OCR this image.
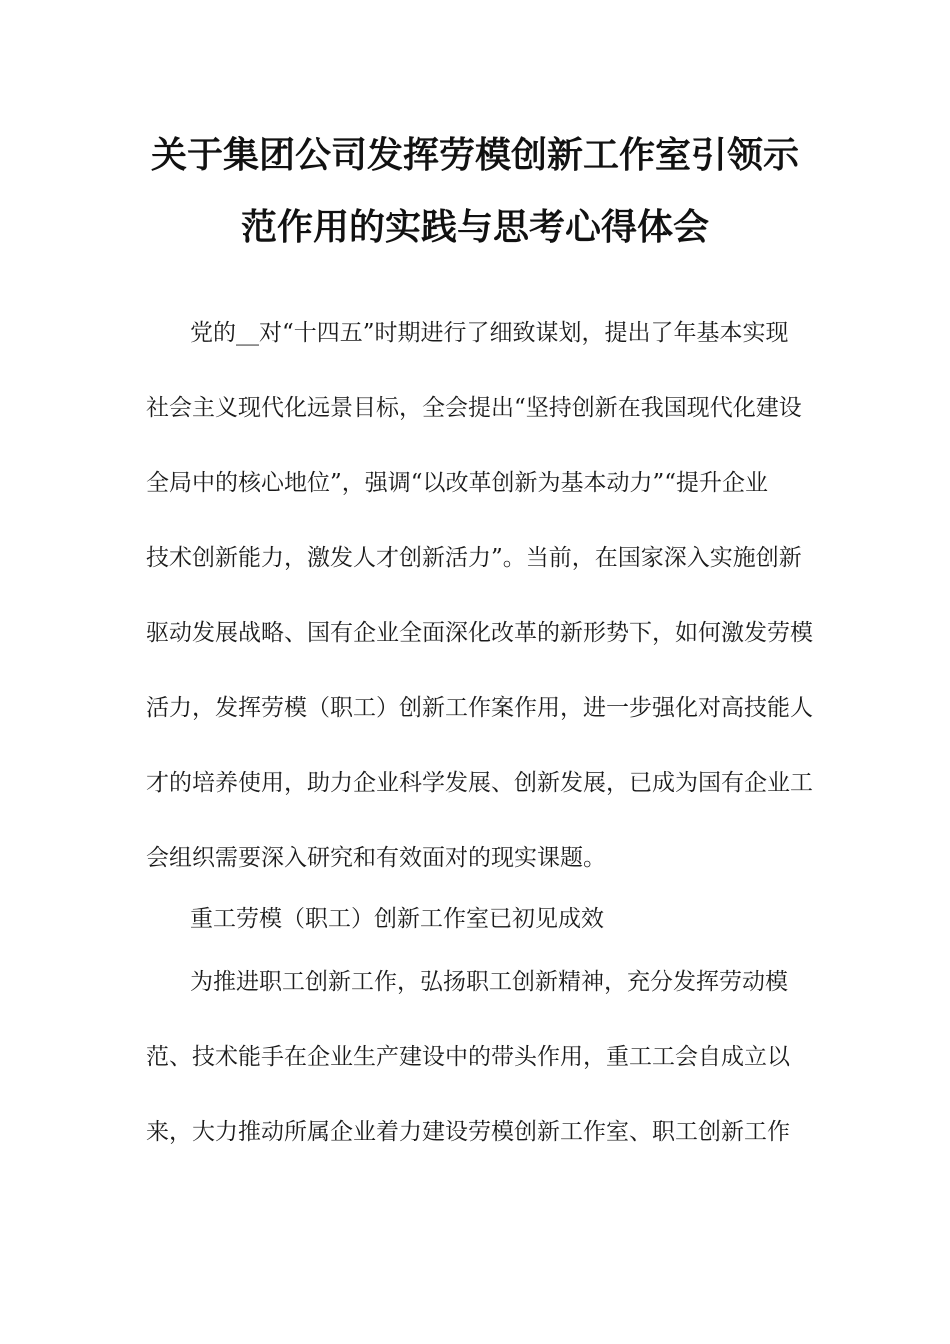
关于集团公司发挥劳模创新工作室引领示
范作用的实践与思考心得体会
党的__对“十四五”时期进行了细致谋划，提出了年基本实现
社会主义现代化远景目标，全会提出“坚持创新在我国现代化建设
全局中的核心地位”，强调“以改革创新为基本动力”“提升企业
技术创新能力，激发人才创新活力”。当前，在国家深入实施创新
驱动发展战略、国有企业全面深化改革的新形势下，如何激发劳模
活力，发挥劳模（职工）创新工作案作用，进一步强化对高技能人
才的培养使用，助力企业科学发展、创新发展，已成为国有企业工
会组织需要深入研究和有效面对的现实课题。
重工劳模（职工）创新工作室已初见成效
为推进职工创新工作，弘扬职工创新精神，充分发挥劳动模
范、技术能手在企业生产建设中的带头作用，重工工会自成立以
来，大力推动所属企业着力建设劳模创新工作室、职工创新工作
